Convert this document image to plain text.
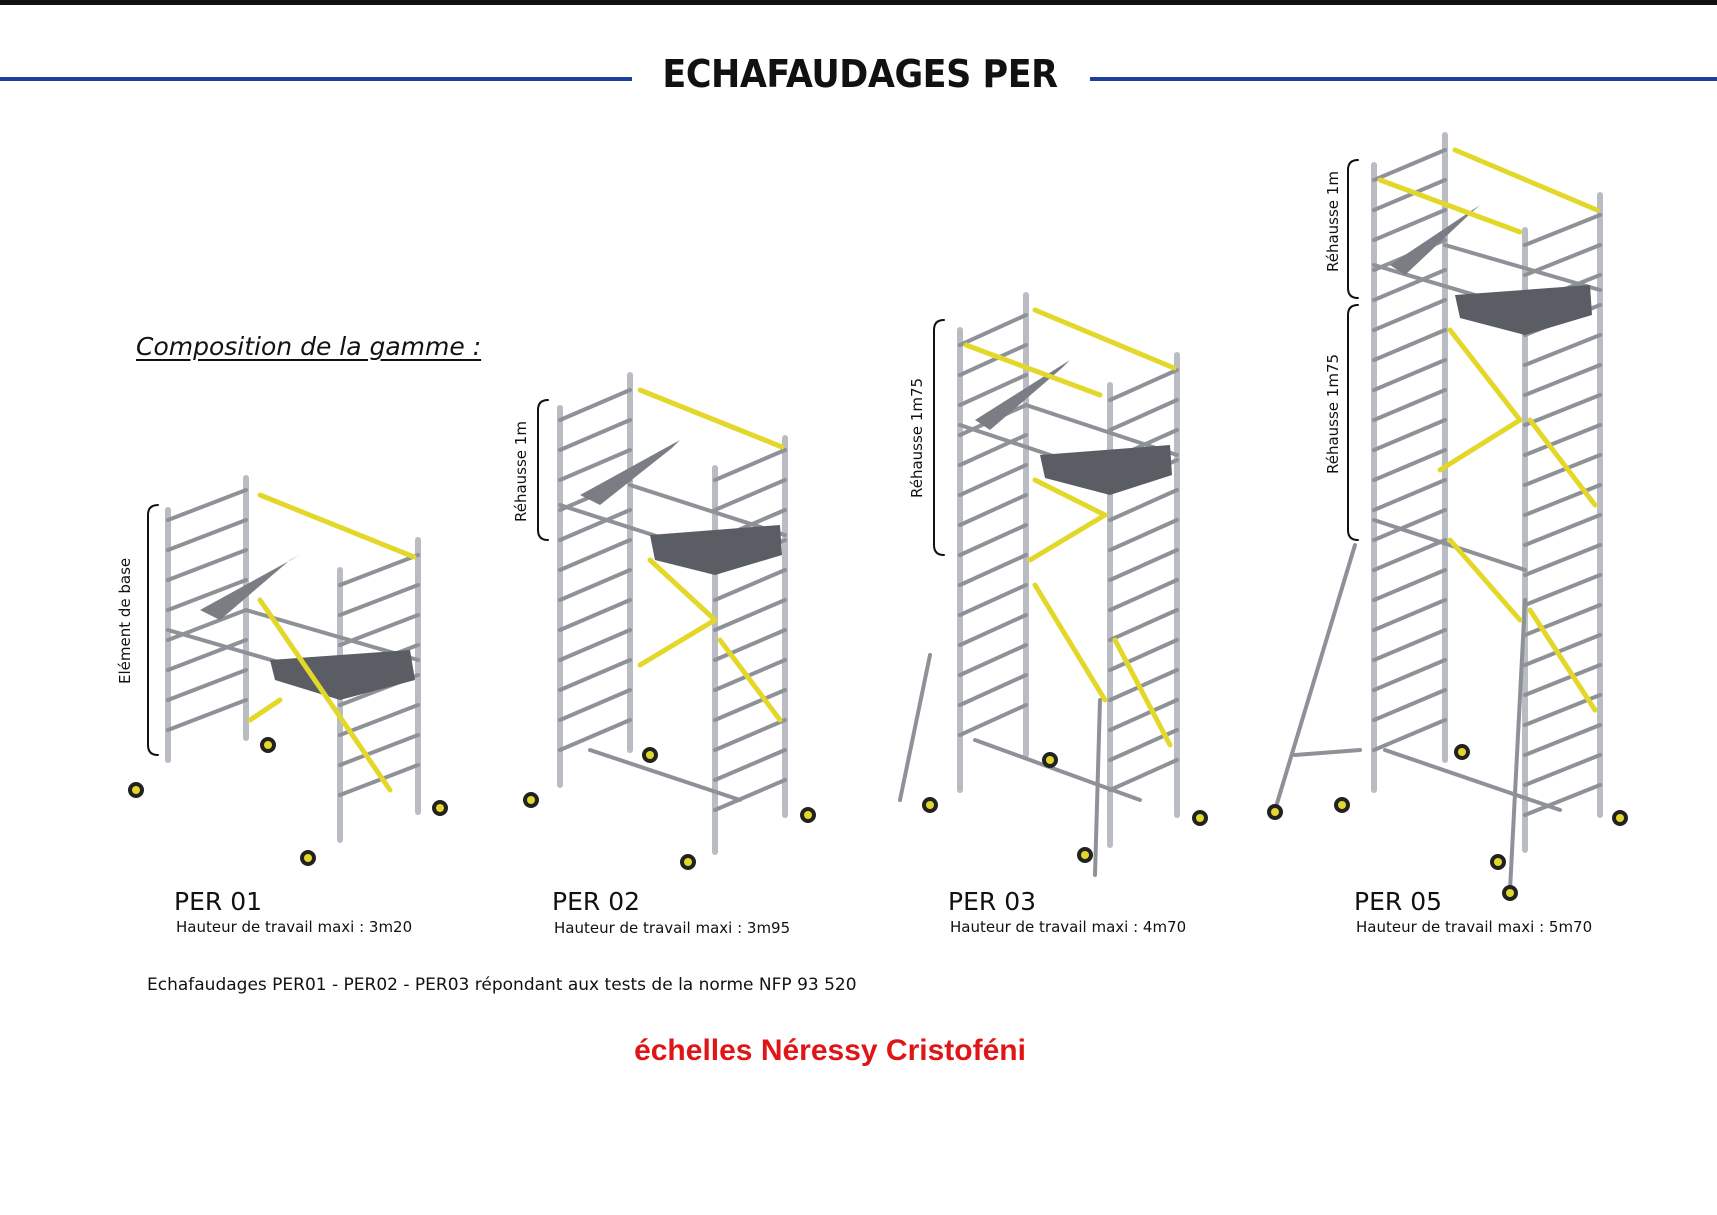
ECHAFAUDAGES PER
Composition de la gamme :
Elément de base
Réhausse 1m	Réhausse 1m75
Réhausse 1m
Réhausse 1m75
PER 01
Hauteur de travail maxi : 3m20
PER 02
Hauteur de travail maxi : 3m95
PER 03
Hauteur de travail maxi : 4m70
PER 05
Hauteur de travail maxi : 5m70
Echafaudages PER01 - PER02 - PER03 répondant aux tests de la norme NFP 93 520
échelles Néressy Cristoféni
